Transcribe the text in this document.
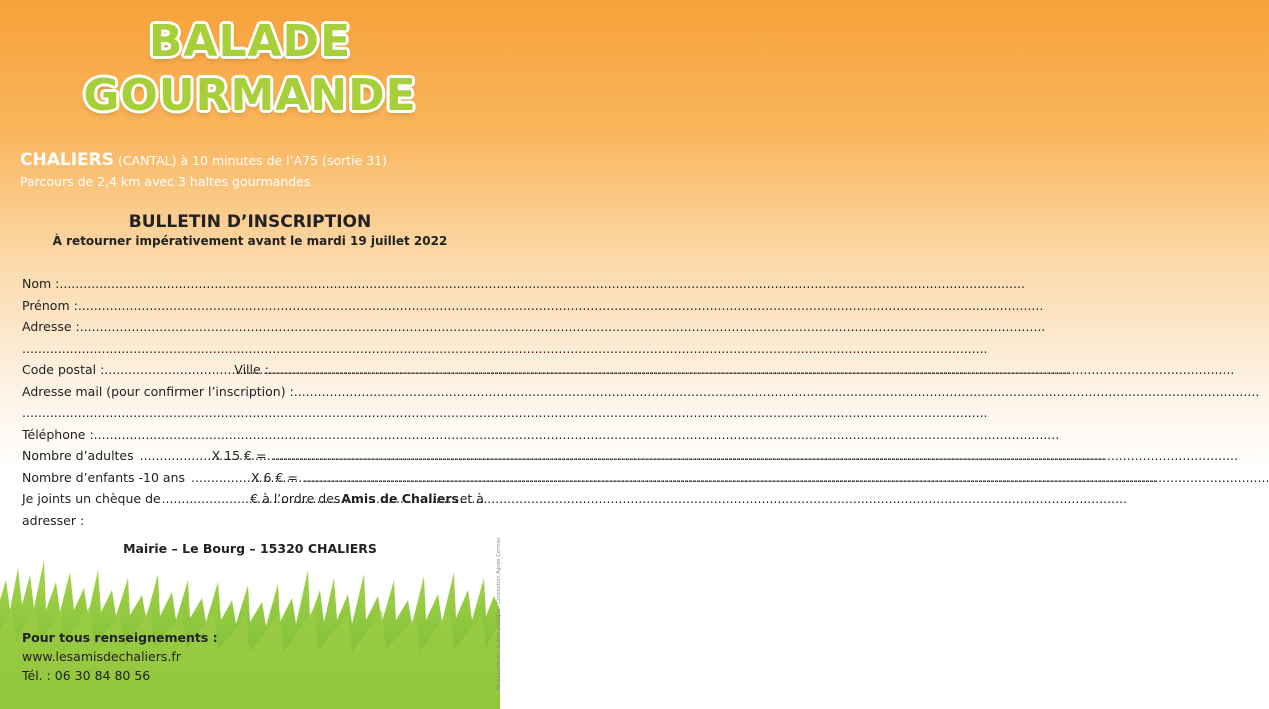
BALADE
GOURMANDE
CHALIERS (CANTAL) à 10 minutes de l’A75 (sortie 31)
Parcours de 2,4 km avec 3 haltes gourmandes
BULLETIN D’INSCRIPTION
À retourner impérativement avant le mardi 19 juillet 2022
Nom :
.....
Prénom :
.....
Adresse :
.....
.....
Code postal : .....	Ville :
.....
Adresse mail (pour confirmer l’inscription) :
.....
.....
Téléphone :
.....
Nombre d’adultes .....	X 15 € =
.....
Nombre d’enfants -10 ans .....	X 6 € =
.....
Je joints un chèque de .....	€ à l’ordre des Amis de Chaliers et à
adresser :
Mairie – Le Bourg – 15320 CHALIERS
Pour tous renseignements :
www.lesamisdechaliers.fr
Tél. : 06 30 84 80 56	Ne pas jeter sur la voie publique - Conception Agnès Cormier
